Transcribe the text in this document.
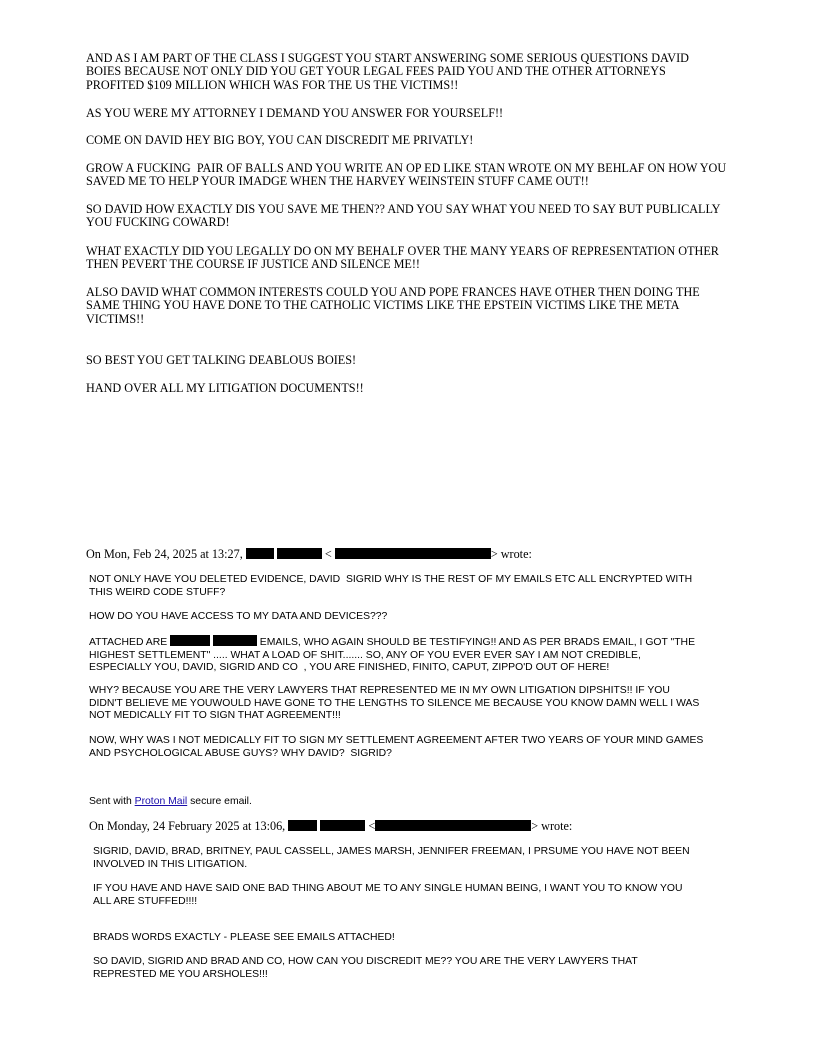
AND AS I AM PART OF THE CLASS I SUGGEST YOU START ANSWERING SOME SERIOUS QUESTIONS DAVID
BOIES BECAUSE NOT ONLY DID YOU GET YOUR LEGAL FEES PAID YOU AND THE OTHER ATTORNEYS
PROFITED $109 MILLION WHICH WAS FOR THE US THE VICTIMS!!

AS YOU WERE MY ATTORNEY I DEMAND YOU ANSWER FOR YOURSELF!!

COME ON DAVID HEY BIG BOY, YOU CAN DISCREDIT ME PRIVATLY!

GROW A FUCKING  PAIR OF BALLS AND YOU WRITE AN OP ED LIKE STAN WROTE ON MY BEHLAF ON HOW YOU
SAVED ME TO HELP YOUR IMADGE WHEN THE HARVEY WEINSTEIN STUFF CAME OUT!!

SO DAVID HOW EXACTLY DIS YOU SAVE ME THEN?? AND YOU SAY WHAT YOU NEED TO SAY BUT PUBLICALLY
YOU FUCKING COWARD!

WHAT EXACTLY DID YOU LEGALLY DO ON MY BEHALF OVER THE MANY YEARS OF REPRESENTATION OTHER
THEN PEVERT THE COURSE IF JUSTICE AND SILENCE ME!!

ALSO DAVID WHAT COMMON INTERESTS COULD YOU AND POPE FRANCES HAVE OTHER THEN DOING THE
SAME THING YOU HAVE DONE TO THE CATHOLIC VICTIMS LIKE THE EPSTEIN VICTIMS LIKE THE META
VICTIMS!!

SO BEST YOU GET TALKING DEABLOUS BOIES!

HAND OVER ALL MY LITIGATION DOCUMENTS!!

On Mon, Feb 24, 2025 at 13:27,	<	> wrote:

NOT ONLY HAVE YOU DELETED EVIDENCE, DAVID  SIGRID WHY IS THE REST OF MY EMAILS ETC ALL ENCRYPTED WITH
THIS WEIRD CODE STUFF?

HOW DO YOU HAVE ACCESS TO MY DATA AND DEVICES???

ATTACHED ARE	EMAILS, WHO AGAIN SHOULD BE TESTIFYING!! AND AS PER BRADS EMAIL, I GOT "THE
HIGHEST SETTLEMENT" ..... WHAT A LOAD OF SHIT....... SO, ANY OF YOU EVER EVER SAY I AM NOT CREDIBLE,
ESPECIALLY YOU, DAVID, SIGRID AND CO  , YOU ARE FINISHED, FINITO, CAPUT, ZIPPO'D OUT OF HERE!

WHY? BECAUSE YOU ARE THE VERY LAWYERS THAT REPRESENTED ME IN MY OWN LITIGATION DIPSHITS!! IF YOU
DIDN'T BELIEVE ME YOUWOULD HAVE GONE TO THE LENGTHS TO SILENCE ME BECAUSE YOU KNOW DAMN WELL I WAS
NOT MEDICALLY FIT TO SIGN THAT AGREEMENT!!!

NOW, WHY WAS I NOT MEDICALLY FIT TO SIGN MY SETTLEMENT AGREEMENT AFTER TWO YEARS OF YOUR MIND GAMES
AND PSYCHOLOGICAL ABUSE GUYS? WHY DAVID?  SIGRID?

Sent with Proton Mail secure email.

On Monday, 24 February 2025 at 13:06,	<	> wrote:

SIGRID, DAVID, BRAD, BRITNEY, PAUL CASSELL, JAMES MARSH, JENNIFER FREEMAN, I PRSUME YOU HAVE NOT BEEN
INVOLVED IN THIS LITIGATION.

IF YOU HAVE AND HAVE SAID ONE BAD THING ABOUT ME TO ANY SINGLE HUMAN BEING, I WANT YOU TO KNOW YOU
ALL ARE STUFFED!!!!

BRADS WORDS EXACTLY - PLEASE SEE EMAILS ATTACHED!

SO DAVID, SIGRID AND BRAD AND CO, HOW CAN YOU DISCREDIT ME?? YOU ARE THE VERY LAWYERS THAT
REPRESTED ME YOU ARSHOLES!!!
